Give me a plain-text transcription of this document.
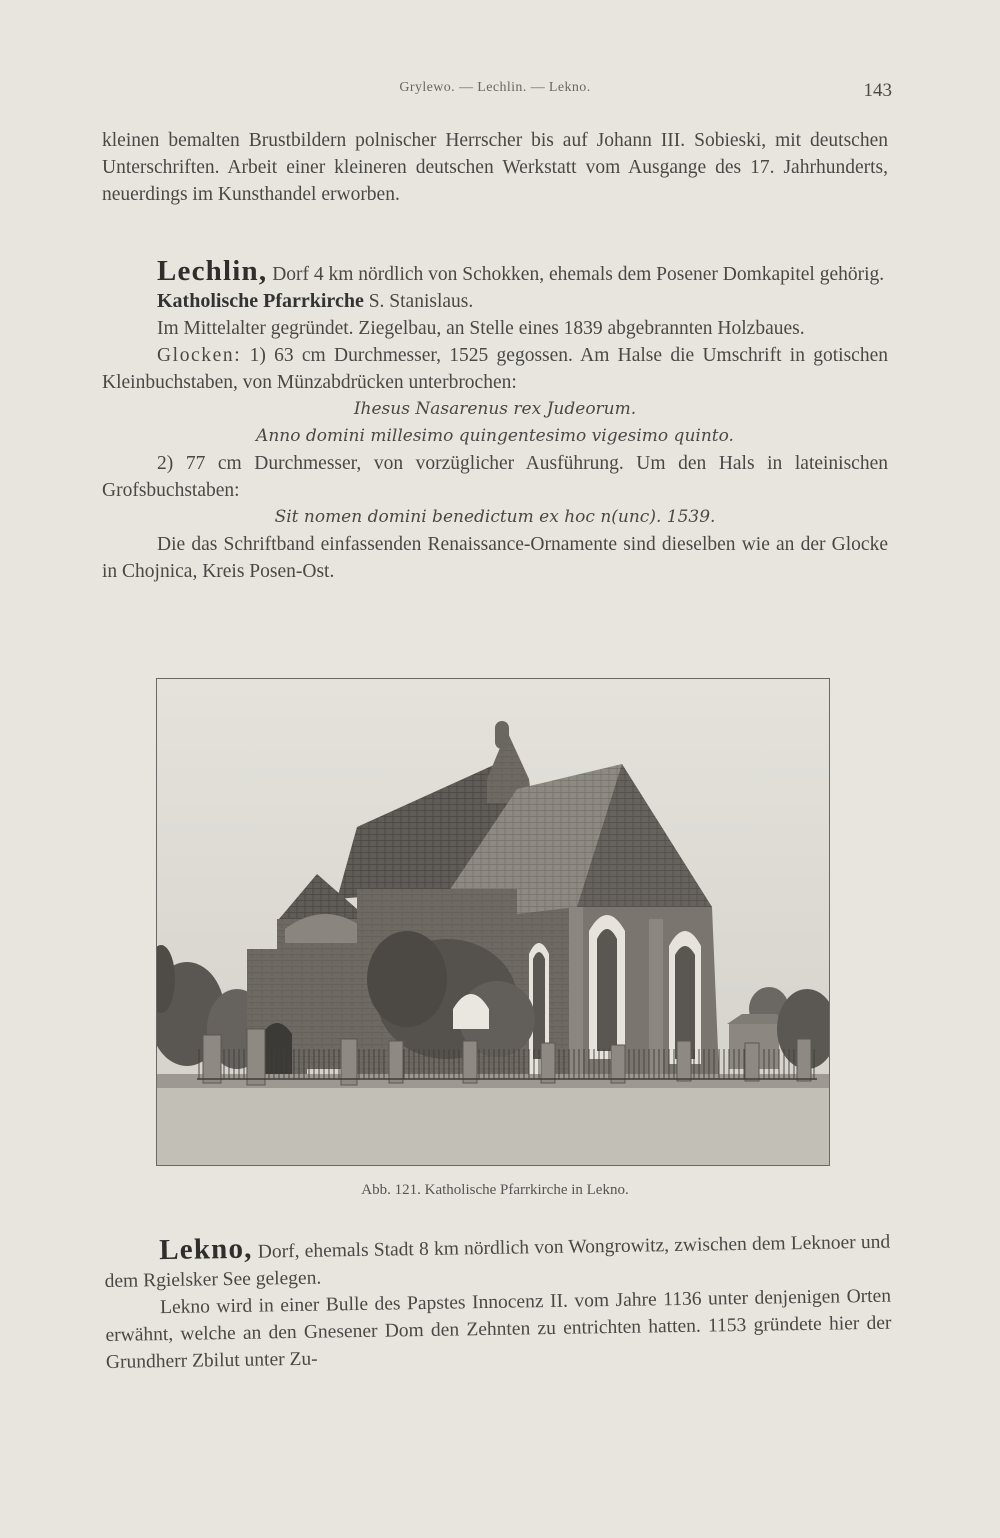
Grylewo. — Lechlin. — Lekno.	143

kleinen bemalten Brustbildern polnischer Herrscher bis auf Johann III. Sobieski, mit deutschen Unterschriften. Arbeit einer kleineren deutschen Werkstatt vom Ausgange des 17. Jahrhunderts, neuerdings im Kunsthandel erworben.

Lechlin, Dorf 4 km nördlich von Schokken, ehemals dem Posener Domkapitel gehörig.

Katholische Pfarrkirche S. Stanislaus.

Im Mittelalter gegründet. Ziegelbau, an Stelle eines 1839 abgebrannten Holzbaues.

Glocken: 1) 63 cm Durchmesser, 1525 gegossen. Am Halse die Umschrift in gotischen Kleinbuchstaben, von Münzabdrücken unterbrochen:

Ihesus Nasarenus rex Judeorum.

Anno domini millesimo quingentesimo vigesimo quinto.

2) 77 cm Durchmesser, von vorzüglicher Ausführung. Um den Hals in lateinischen Grofsbuchstaben:

Sit nomen domini benedictum ex hoc n(unc). 1539.

Die das Schriftband einfassenden Renaissance-Ornamente sind dieselben wie an der Glocke in Chojnica, Kreis Posen-Ost.

Abb. 121. Katholische Pfarrkirche in Lekno.

Lekno, Dorf, ehemals Stadt 8 km nördlich von Wongrowitz, zwischen dem Leknoer und dem Rgielsker See gelegen.

Lekno wird in einer Bulle des Papstes Innocenz II. vom Jahre 1136 unter denjenigen Orten erwähnt, welche an den Gnesener Dom den Zehnten zu entrichten hatten. 1153 gründete hier der Grundherr Zbilut unter Zu-
